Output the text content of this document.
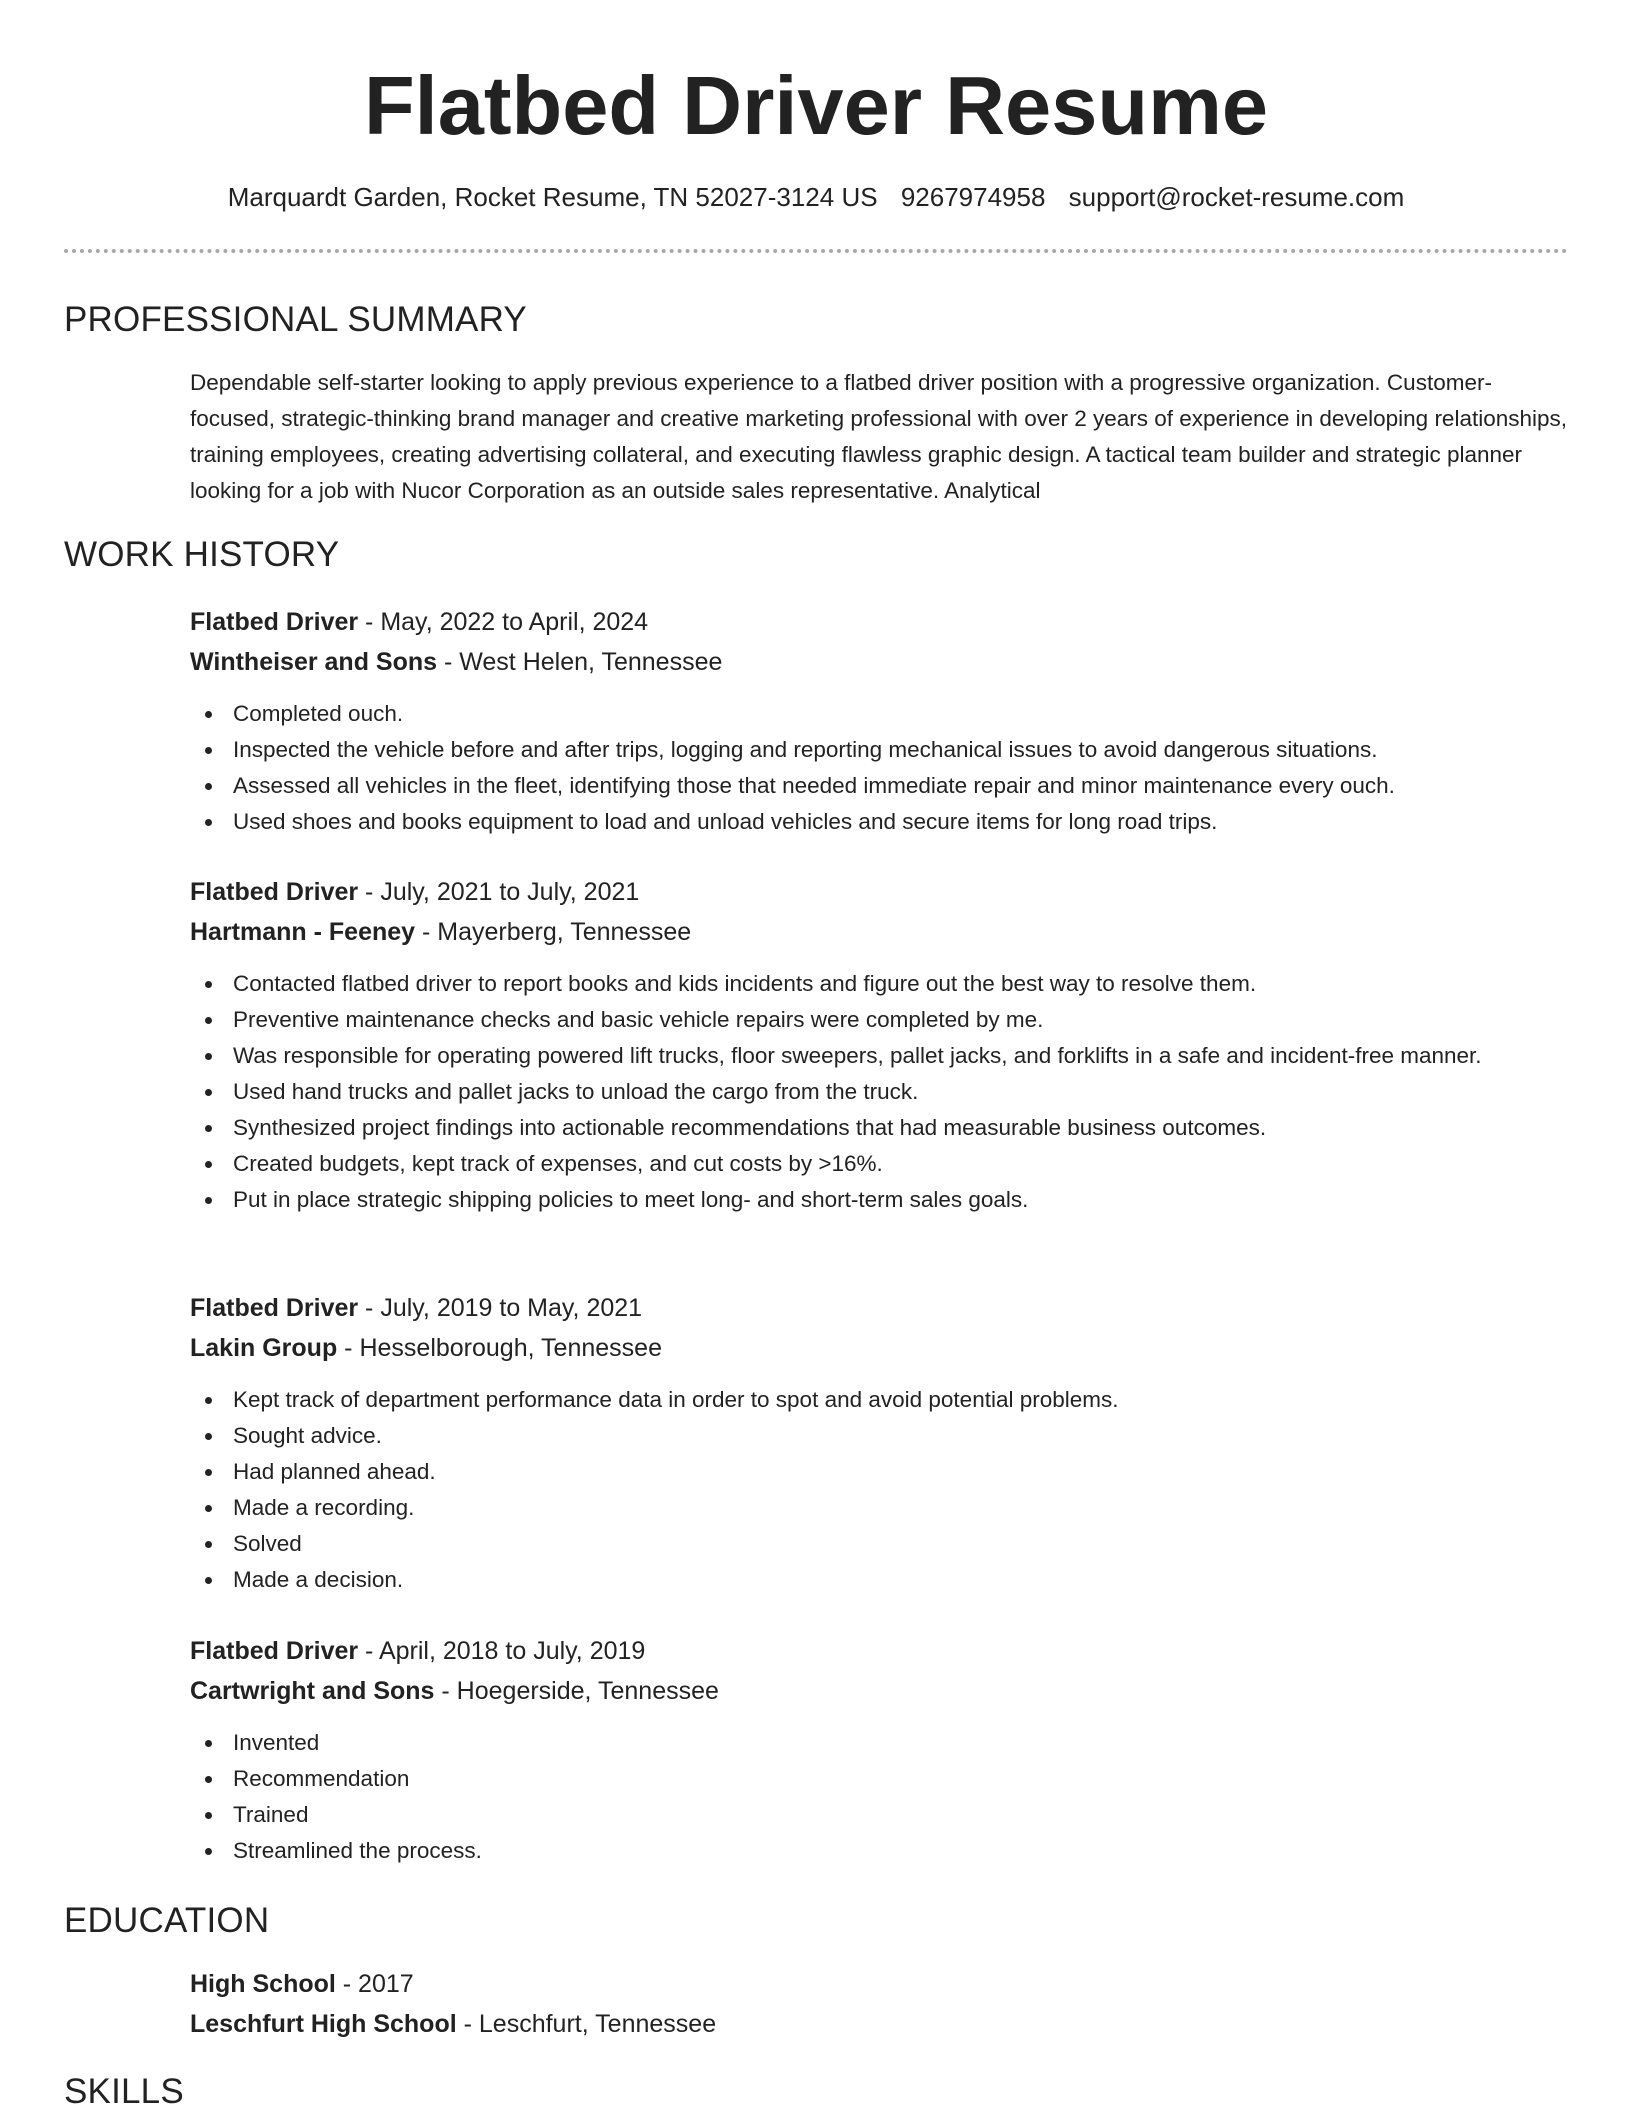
Flatbed Driver Resume
Marquardt Garden, Rocket Resume, TN 52027-3124 US 9267974958 support@rocket-resume.com
PROFESSIONAL SUMMARY

Dependable self-starter looking to apply previous experience to a flatbed driver position with a progressive organization. Customer-focused, strategic-thinking brand manager and creative marketing professional with over 2 years of experience in developing relationships, training employees, creating advertising collateral, and executing flawless graphic design. A tactical team builder and strategic planner looking for a job with Nucor Corporation as an outside sales representative. Analytical

WORK HISTORY
Flatbed Driver - May, 2022 to April, 2024
Wintheiser and Sons - West Helen, Tennessee
Completed ouch.
Inspected the vehicle before and after trips, logging and reporting mechanical issues to avoid dangerous situations.
Assessed all vehicles in the fleet, identifying those that needed immediate repair and minor maintenance every ouch.
Used shoes and books equipment to load and unload vehicles and secure items for long road trips.
Flatbed Driver - July, 2021 to July, 2021
Hartmann - Feeney - Mayerberg, Tennessee
Contacted flatbed driver to report books and kids incidents and figure out the best way to resolve them.
Preventive maintenance checks and basic vehicle repairs were completed by me.
Was responsible for operating powered lift trucks, floor sweepers, pallet jacks, and forklifts in a safe and incident-free manner.
Used hand trucks and pallet jacks to unload the cargo from the truck.
Synthesized project findings into actionable recommendations that had measurable business outcomes.
Created budgets, kept track of expenses, and cut costs by >16%.
Put in place strategic shipping policies to meet long- and short-term sales goals.
Flatbed Driver - July, 2019 to May, 2021
Lakin Group - Hesselborough, Tennessee
Kept track of department performance data in order to spot and avoid potential problems.
Sought advice.
Had planned ahead.
Made a recording.
Solved
Made a decision.
Flatbed Driver - April, 2018 to July, 2019
Cartwright and Sons - Hoegerside, Tennessee
Invented
Recommendation
Trained
Streamlined the process.
EDUCATION
High School - 2017
Leschfurt High School - Leschfurt, Tennessee
SKILLS
